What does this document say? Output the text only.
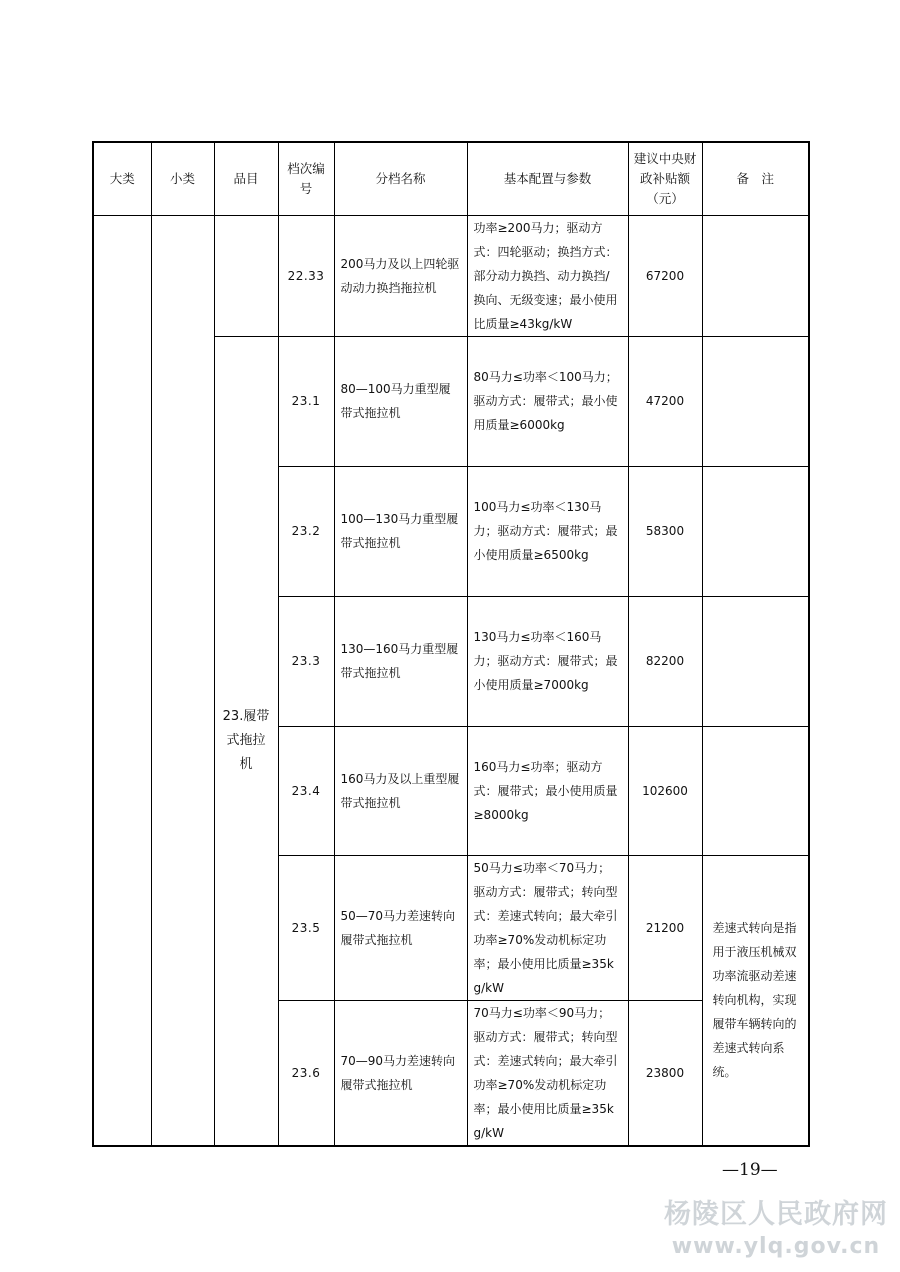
大类	小类	品目	档次编号	分档名称	基本配置与参数	建议中央财政补贴额（元）	备　注
			22.33	200马力及以上四轮驱动动力换挡拖拉机	功率≥200马力；驱动方式：四轮驱动；换挡方式：部分动力换挡、动力换挡/换向、无级变速；最小使用比质量≥43kg/kW	67200	
		23.履带式拖拉机	23.1	80—100马力重型履带式拖拉机	80马力≤功率＜100马力；驱动方式：履带式；最小使用质量≥6000kg	47200	
			23.2	100—130马力重型履带式拖拉机	100马力≤功率＜130马力；驱动方式：履带式；最小使用质量≥6500kg	58300	
			23.3	130—160马力重型履带式拖拉机	130马力≤功率＜160马力；驱动方式：履带式；最小使用质量≥7000kg	82200	
			23.4	160马力及以上重型履带式拖拉机	160马力≤功率；驱动方式：履带式；最小使用质量≥8000kg	102600	
			23.5	50—70马力差速转向履带式拖拉机	50马力≤功率＜70马力；驱动方式：履带式；转向型式：差速式转向；最大牵引功率≥70%发动机标定功率；最小使用比质量≥35kg/kW	21200	差速式转向是指用于液压机械双功率流驱动差速转向机构，实现履带车辆转向的差速式转向系统。
			23.6	70—90马力差速转向履带式拖拉机	70马力≤功率＜90马力；驱动方式：履带式；转向型式：差速式转向；最大牵引功率≥70%发动机标定功率；最小使用比质量≥35kg/kW	23800	
—19—
杨陵区人民政府网
www.ylq.gov.cn
